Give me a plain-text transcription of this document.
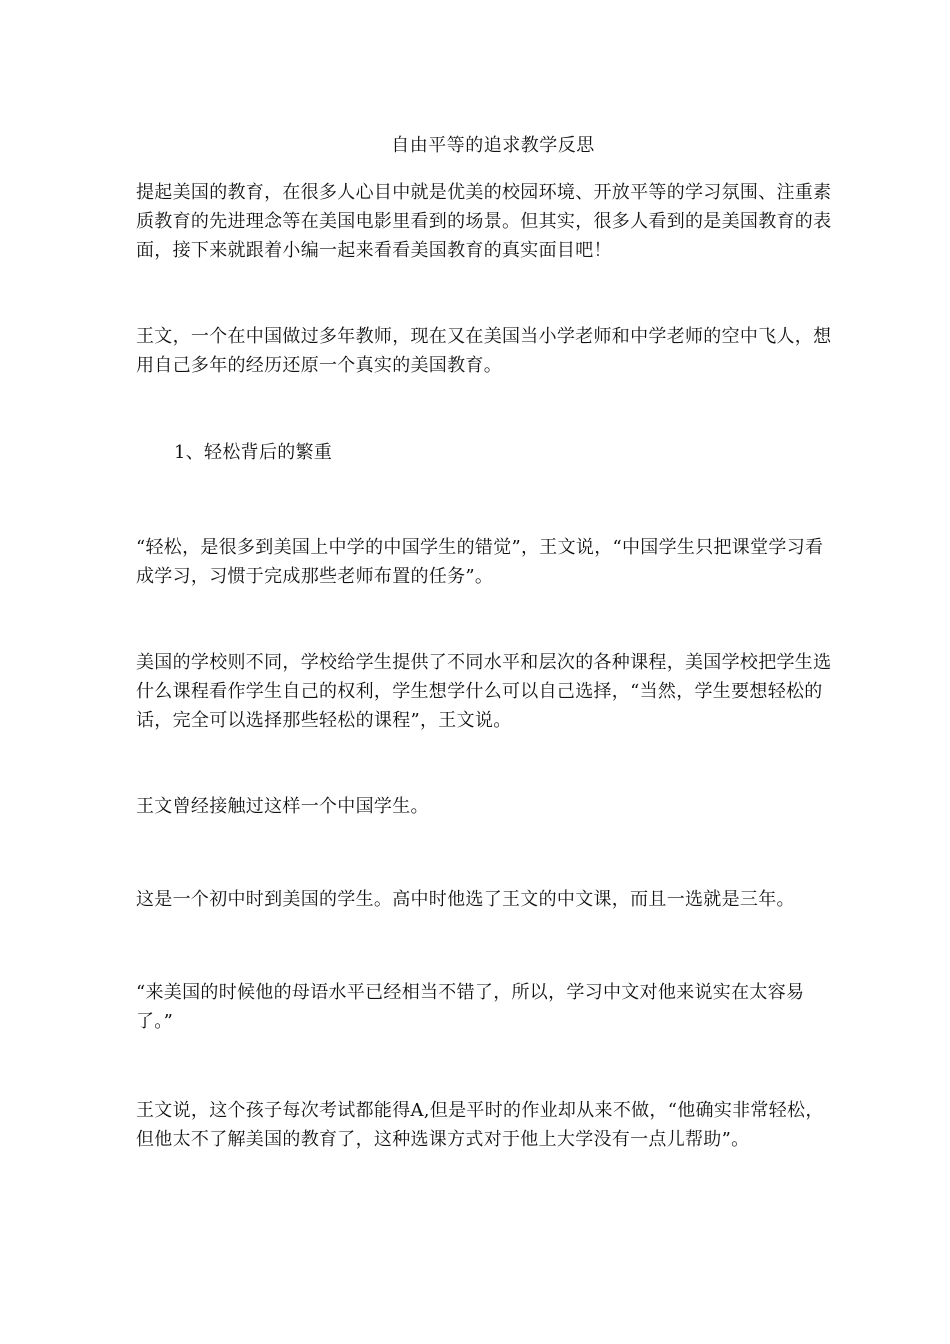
自由平等的追求教学反思

提起美国的教育，在很多人心目中就是优美的校园环境、开放平等的学习氛围、注重素质教育的先进理念等在美国电影里看到的场景。但其实，很多人看到的是美国教育的表面，接下来就跟着小编一起来看看美国教育的真实面目吧！

王文，一个在中国做过多年教师，现在又在美国当小学老师和中学老师的空中飞人，想用自己多年的经历还原一个真实的美国教育。

1、轻松背后的繁重

“轻松，是很多到美国上中学的中国学生的错觉”，王文说，“中国学生只把课堂学习看成学习，习惯于完成那些老师布置的任务”。

美国的学校则不同，学校给学生提供了不同水平和层次的各种课程，美国学校把学生选什么课程看作学生自己的权利，学生想学什么可以自己选择，“当然，学生要想轻松的话，完全可以选择那些轻松的课程”，王文说。

王文曾经接触过这样一个中国学生。

这是一个初中时到美国的学生。高中时他选了王文的中文课，而且一选就是三年。

“来美国的时候他的母语水平已经相当不错了，所以，学习中文对他来说实在太容易了。”

王文说，这个孩子每次考试都能得A,但是平时的作业却从来不做，“他确实非常轻松，但他太不了解美国的教育了，这种选课方式对于他上大学没有一点儿帮助”。
